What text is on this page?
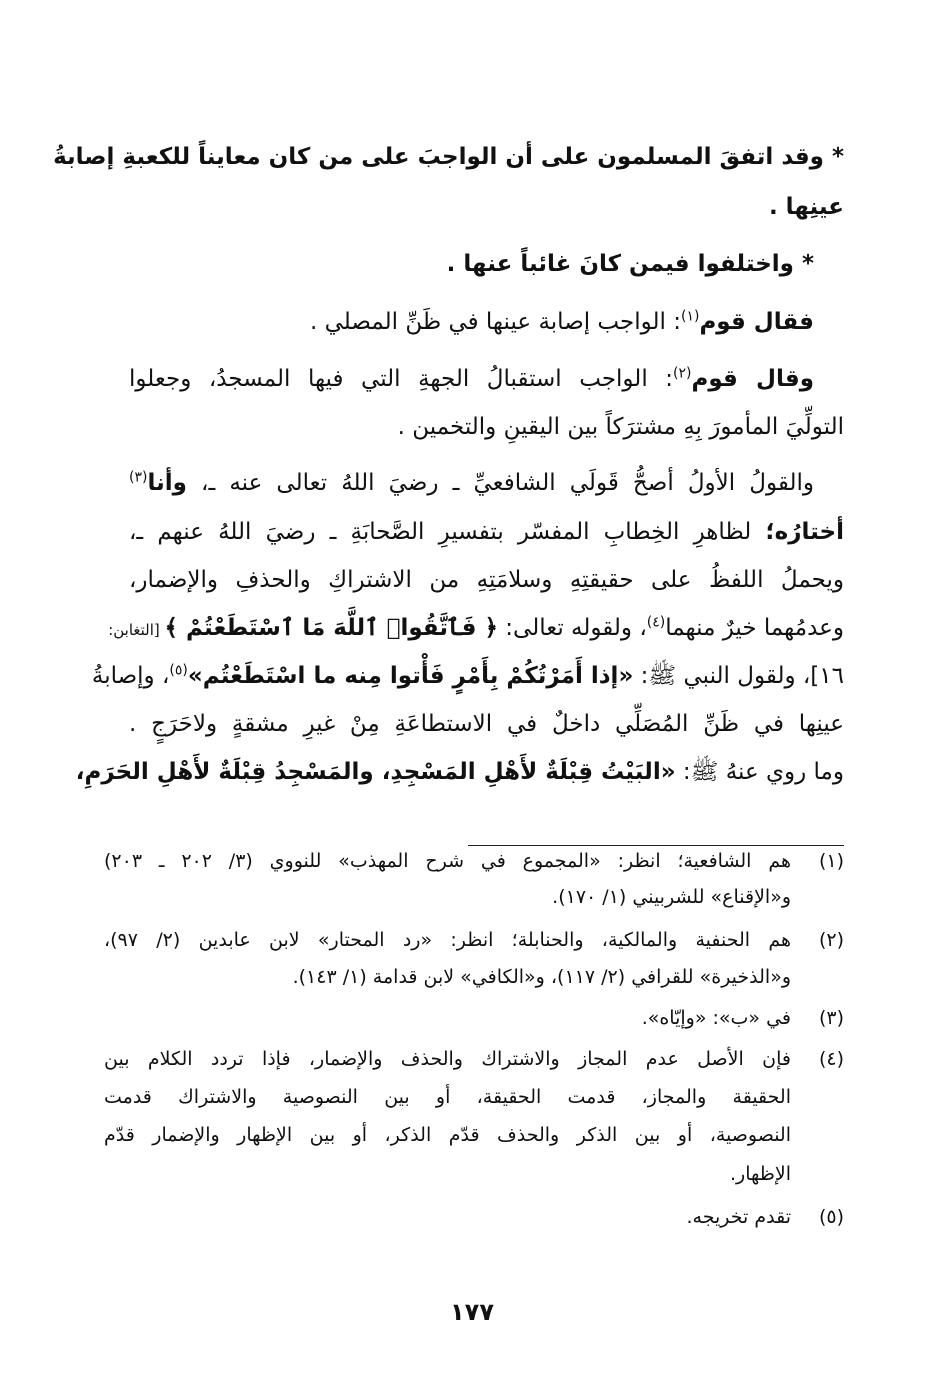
* وقد اتفقَ المسلمون على أن الواجبَ على من كان معايناً للكعبةِ إصابةُ
عينِها .
* واختلفوا فيمن كانَ غائباً عنها .
فقال قوم$^{(١)}$: الواجب إصابة عينها في ظَنِّ المصلي .
وقال قوم$^{(٢)}$: الواجب استقبالُ الجهةِ التي فيها المسجدُ، وجعلوا
التولِّيَ المأمورَ بِهِ مشترَكاً بين اليقينِ والتخمين .
والقولُ الأولُ أصحُّ قَولَي الشافعيِّ ـ رضيَ اللهُ تعالى عنه ـ، وأنا$^{(٣)}$
أختارُه؛ لظاهرِ الخِطابِ المفسّر بتفسيرِ الصَّحابَةِ ـ رضيَ اللهُ عنهم ـ،
ويحملُ اللفظُ على حقيقتِهِ وسلامَتِهِ من الاشتراكِ والحذفِ والإضمار،
وعدمُهما خيرٌ منهما$^{(٤)}$، ولقوله تعالى: ﴿ فَٱتَّقُوا۟ ٱللَّهَ مَا ٱسْتَطَعْتُمْ ﴾ [التغابن:
١٦]، ولقول النبي ﷺ: «إذا أَمَرْتُكُمْ بِأَمْرٍ فَأْتوا مِنه ما اسْتَطَعْتُم»$^{(٥)}$، وإصابةُ
عينِها في ظَنِّ المُصَلِّي داخلٌ في الاستطاعَةِ مِنْ غيرِ مشقةٍ ولاحَرَجٍ .
وما روي عنهُ ﷺ: «البَيْتُ قِبْلَةٌ لأَهْلِ المَسْجِدِ، والمَسْجِدُ قِبْلَةٌ لأَهْلِ الحَرَمِ،
(١)
هم الشافعية؛ انظر: «المجموع في شرح المهذب» للنووي (٣/ ٢٠٢ ـ ٢٠٣)
و«الإقناع» للشربيني (١/ ١٧٠).
(٢)
هم الحنفية والمالكية، والحنابلة؛ انظر: «رد المحتار» لابن عابدين (٢/ ٩٧)،
و«الذخيرة» للقرافي (٢/ ١١٧)، و«الكافي» لابن قدامة (١/ ١٤٣).
(٣)
في «ب»: «وإيّاه».
(٤)
فإن الأصل عدم المجاز والاشتراك والحذف والإضمار، فإذا تردد الكلام بين
الحقيقة والمجاز، قدمت الحقيقة، أو بين النصوصية والاشتراك قدمت
النصوصية، أو بين الذكر والحذف قدّم الذكر، أو بين الإظهار والإضمار قدّم
الإظهار.
(٥)
تقدم تخريجه.
١٧٧
